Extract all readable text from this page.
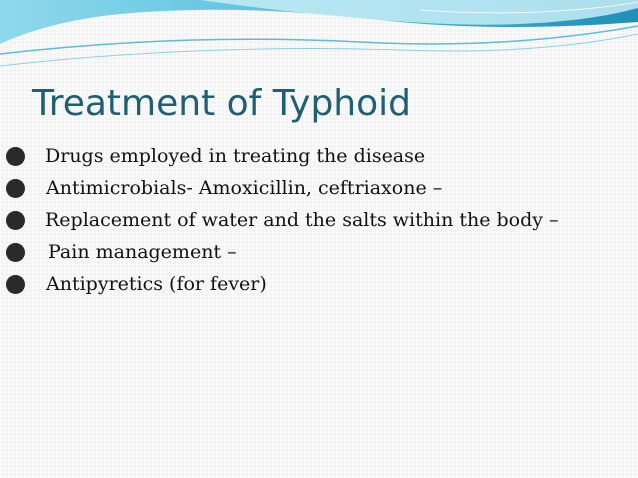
Treatment of Typhoid
Drugs employed in treating the disease
Antimicrobials- Amoxicillin, ceftriaxone –
Replacement of water and the salts within the body –
Pain management –
Antipyretics (for fever)
